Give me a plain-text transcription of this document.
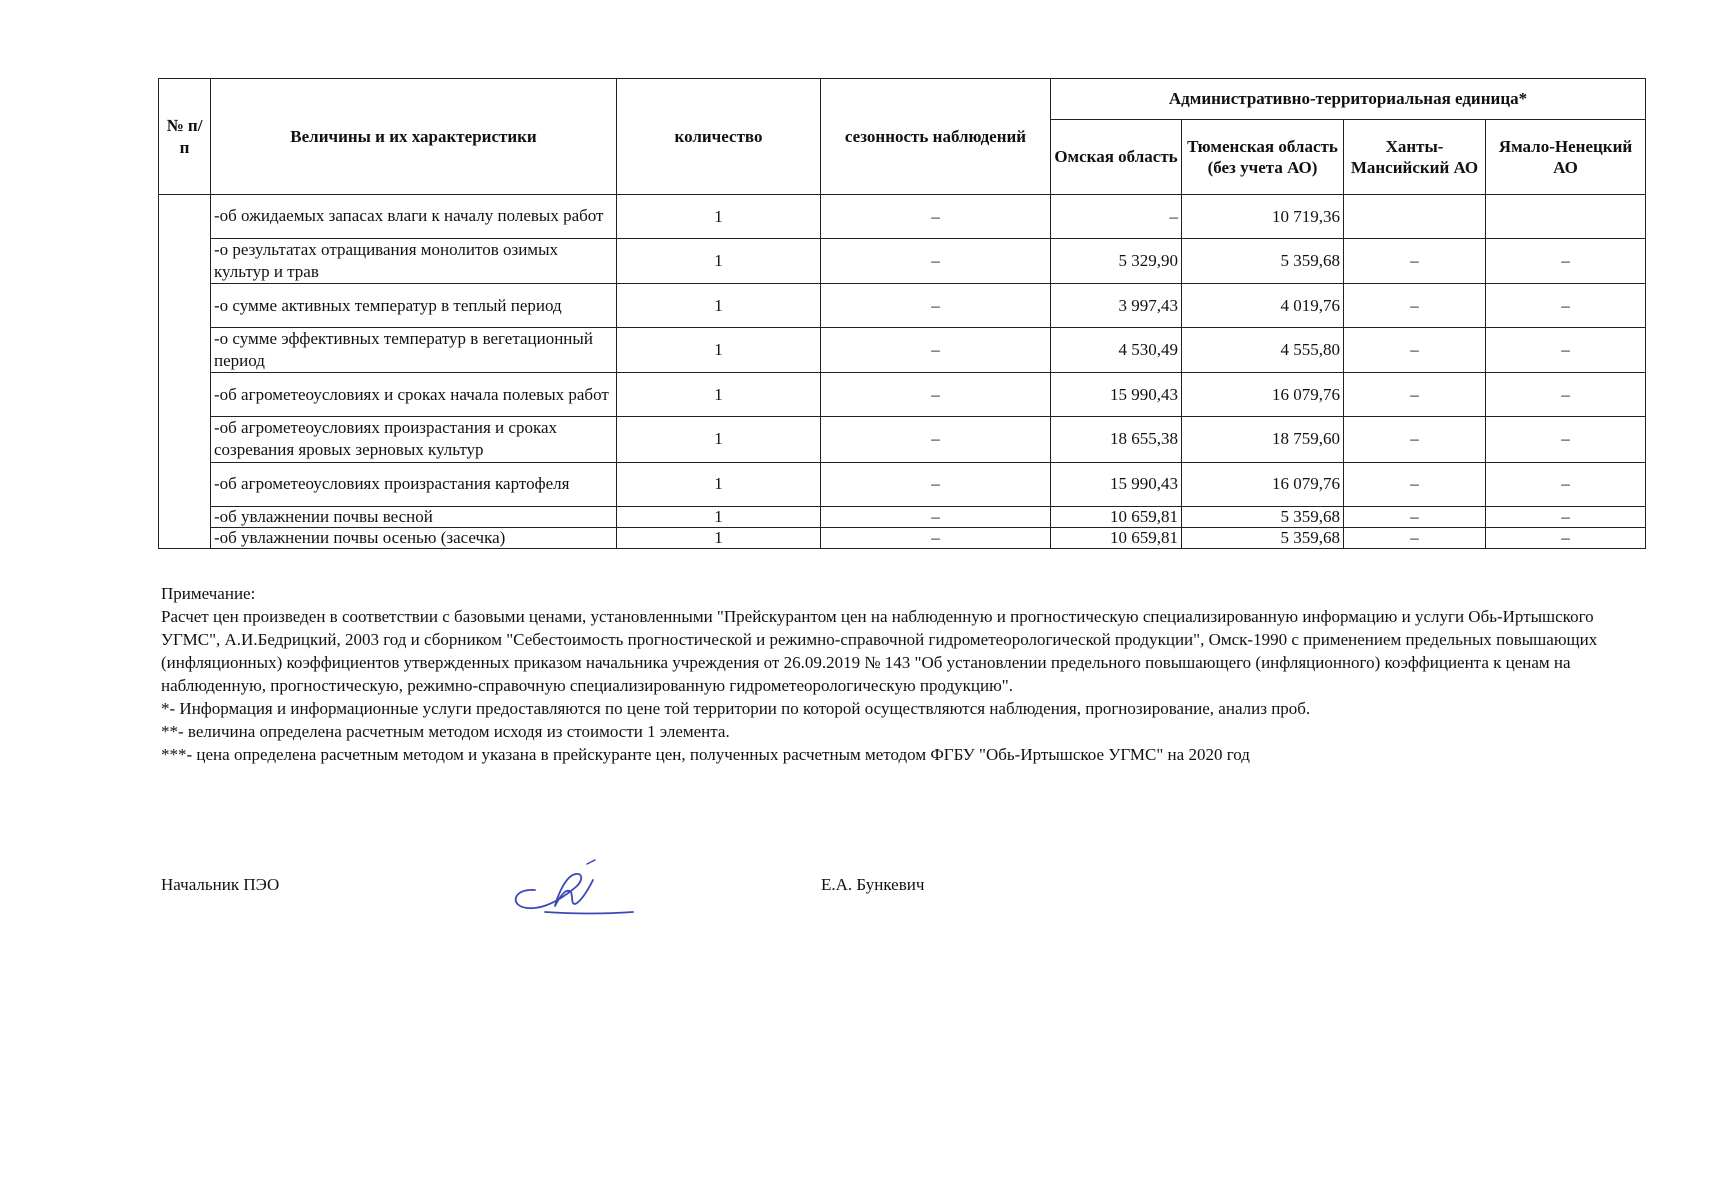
№ п/п	Величины и их характеристики	количество	сезонность наблюдений	Административно-территориальная единица*			
				Омская область	Тюменская область (без учета АО)	Ханты-Мансийский АО	Ямало-Ненецкий АО
	-об ожидаемых запасах влаги к началу полевых работ	1	–	–	10 719,36		
	-о результатах отращивания монолитов озимых культур и трав	1	–	5 329,90	5 359,68	–	–
	-о сумме активных температур в теплый период	1	–	3 997,43	4 019,76	–	–
	-о сумме эффективных температур в вегетационный период	1	–	4 530,49	4 555,80	–	–
	-об агрометеоусловиях и сроках начала полевых работ	1	–	15 990,43	16 079,76	–	–
	-об агрометеоусловиях произрастания и сроках созревания яровых зерновых культур	1	–	18 655,38	18 759,60	–	–
	-об агрометеоусловиях произрастания картофеля	1	–	15 990,43	16 079,76	–	–
	-об увлажнении почвы весной	1	–	10 659,81	5 359,68	–	–
	-об увлажнении почвы осенью (засечка)	1	–	10 659,81	5 359,68	–	–

Примечание:

Расчет цен произведен в соответствии с базовыми ценами, установленными "Прейскурантом цен на наблюденную и прогностическую специализированную информацию и услуги Обь-Иртышского УГМС", А.И.Бедрицкий, 2003 год и сборником "Себестоимость прогностической и режимно-справочной гидрометеорологической продукции", Омск-1990 с применением предельных повышающих (инфляционных) коэффициентов утвержденных приказом начальника учреждения от 26.09.2019 № 143 "Об установлении предельного повышающего (инфляционного) коэффициента к ценам на наблюденную, прогностическую, режимно-справочную специализированную гидрометеорологическую продукцию".

*- Информация и информационные услуги предоставляются по цене той территории по которой осуществляются наблюдения, прогнозирование, анализ проб.

**- величина определена расчетным методом исходя из стоимости 1 элемента.

***- цена определена расчетным методом и указана в прейскуранте цен, полученных расчетным методом ФГБУ "Обь-Иртышское УГМС" на 2020 год

Начальник ПЭО	Е.А. Бункевич
